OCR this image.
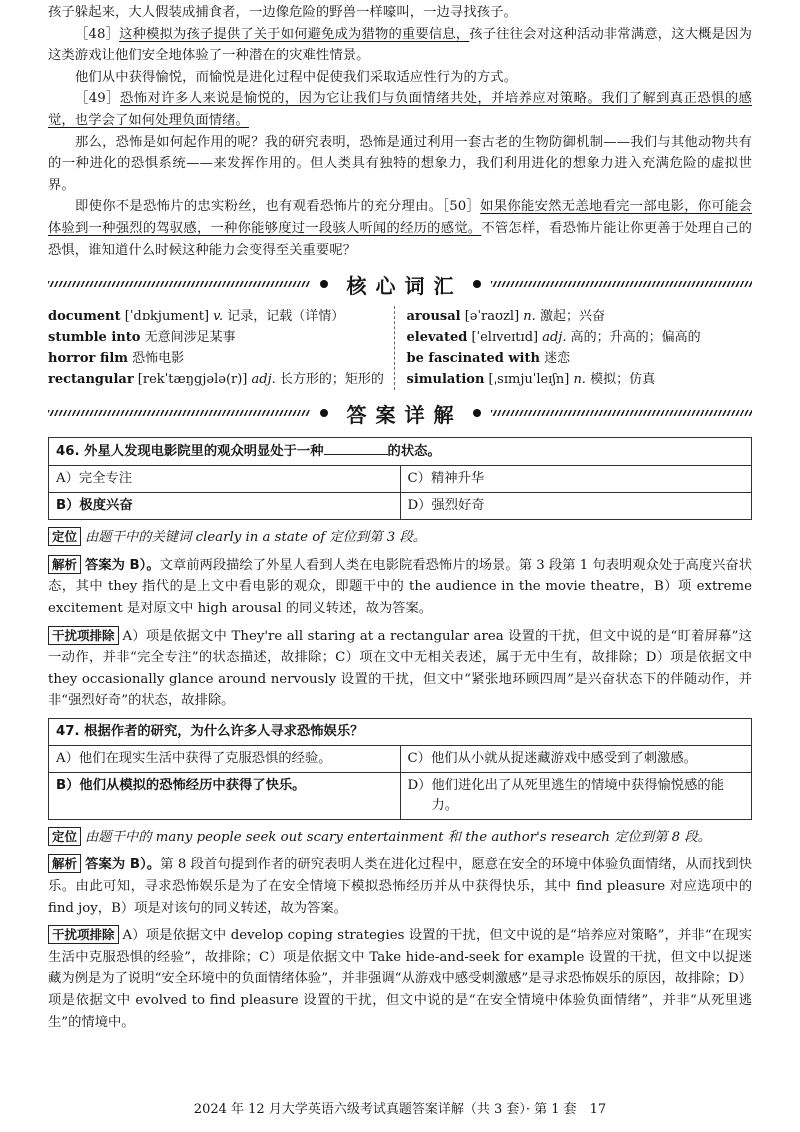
孩子躲起来，大人假装成捕食者，一边像危险的野兽一样嚎叫，一边寻找孩子。

［48］这种模拟为孩子提供了关于如何避免成为猎物的重要信息，孩子往往会对这种活动非常满意，这大概是因为这类游戏让他们安全地体验了一种潜在的灾难性情景。

他们从中获得愉悦，而愉悦是进化过程中促使我们采取适应性行为的方式。

［49］恐怖对许多人来说是愉悦的，因为它让我们与负面情绪共处，并培养应对策略。我们了解到真正恐惧的感觉，也学会了如何处理负面情绪。

那么，恐怖是如何起作用的呢？我的研究表明，恐怖是通过利用一套古老的生物防御机制——我们与其他动物共有的一种进化的恐惧系统——来发挥作用的。但人类具有独特的想象力，我们利用进化的想象力进入充满危险的虚拟世界。

即使你不是恐怖片的忠实粉丝，也有观看恐怖片的充分理由。［50］如果你能安然无恙地看完一部电影，你可能会体验到一种强烈的驾驭感，一种你能够度过一段骇人听闻的经历的感觉。不管怎样，看恐怖片能让你更善于处理自己的恐惧，谁知道什么时候这种能力会变得至关重要呢？

核心词汇
document [ˈdɒkjument] v. 记录，记载（详情）
stumble into 无意间涉足某事
horror film 恐怖电影
rectangular [rekˈtæŋgjələ(r)] adj. 长方形的；矩形的
arousal [əˈraʊzl] n. 激起；兴奋
elevated [ˈelɪveɪtɪd] adj. 高的；升高的；偏高的
be fascinated with 迷恋
simulation [ˌsɪmjuˈleɪʃn] n. 模拟；仿真
答案详解
46. 外星人发现电影院里的观众明显处于一种 的状态。	
A）完全专注	C）精神升华
B）极度兴奋	D）强烈好奇

定位 由题干中的关键词 clearly in a state of 定位到第 3 段。

解析 答案为 B）。文章前两段描绘了外星人看到人类在电影院看恐怖片的场景。第 3 段第 1 句表明观众处于高度兴奋状态，其中 they 指代的是上文中看电影的观众，即题干中的 the audience in the movie theatre，B）项 extreme excitement 是对原文中 high arousal 的同义转述，故为答案。

干扰项排除 A）项是依据文中 They're all staring at a rectangular area 设置的干扰，但文中说的是“盯着屏幕”这一动作，并非“完全专注”的状态描述，故排除；C）项在文中无相关表述，属于无中生有，故排除；D）项是依据文中 they occasionally glance around nervously 设置的干扰，但文中“紧张地环顾四周”是兴奋状态下的伴随动作，并非“强烈好奇”的状态，故排除。

47. 根据作者的研究，为什么许多人寻求恐怖娱乐？	
A）他们在现实生活中获得了克服恐惧的经验。	C）他们从小就从捉迷藏游戏中感受到了刺激感。
B）他们从模拟的恐怖经历中获得了快乐。	D） 他们进化出了从死里逃生的情境中获得愉悦感的能力。

定位 由题干中的 many people seek out scary entertainment 和 the author's research 定位到第 8 段。

解析 答案为 B）。第 8 段首句提到作者的研究表明人类在进化过程中，愿意在安全的环境中体验负面情绪，从而找到快乐。由此可知，寻求恐怖娱乐是为了在安全情境下模拟恐怖经历并从中获得快乐，其中 find pleasure 对应选项中的 find joy，B）项是对该句的同义转述，故为答案。

干扰项排除 A）项是依据文中 develop coping strategies 设置的干扰，但文中说的是“培养应对策略”，并非“在现实生活中克服恐惧的经验”，故排除；C）项是依据文中 Take hide-and-seek for example 设置的干扰，但文中以捉迷藏为例是为了说明“安全环境中的负面情绪体验”，并非强调“从游戏中感受刺激感”是寻求恐怖娱乐的原因，故排除；D）项是依据文中 evolved to find pleasure 设置的干扰，但文中说的是“在安全情境中体验负面情绪”，并非“从死里逃生”的情境中。

2024 年 12 月大学英语六级考试真题答案详解（共 3 套）· 第 1 套　17
